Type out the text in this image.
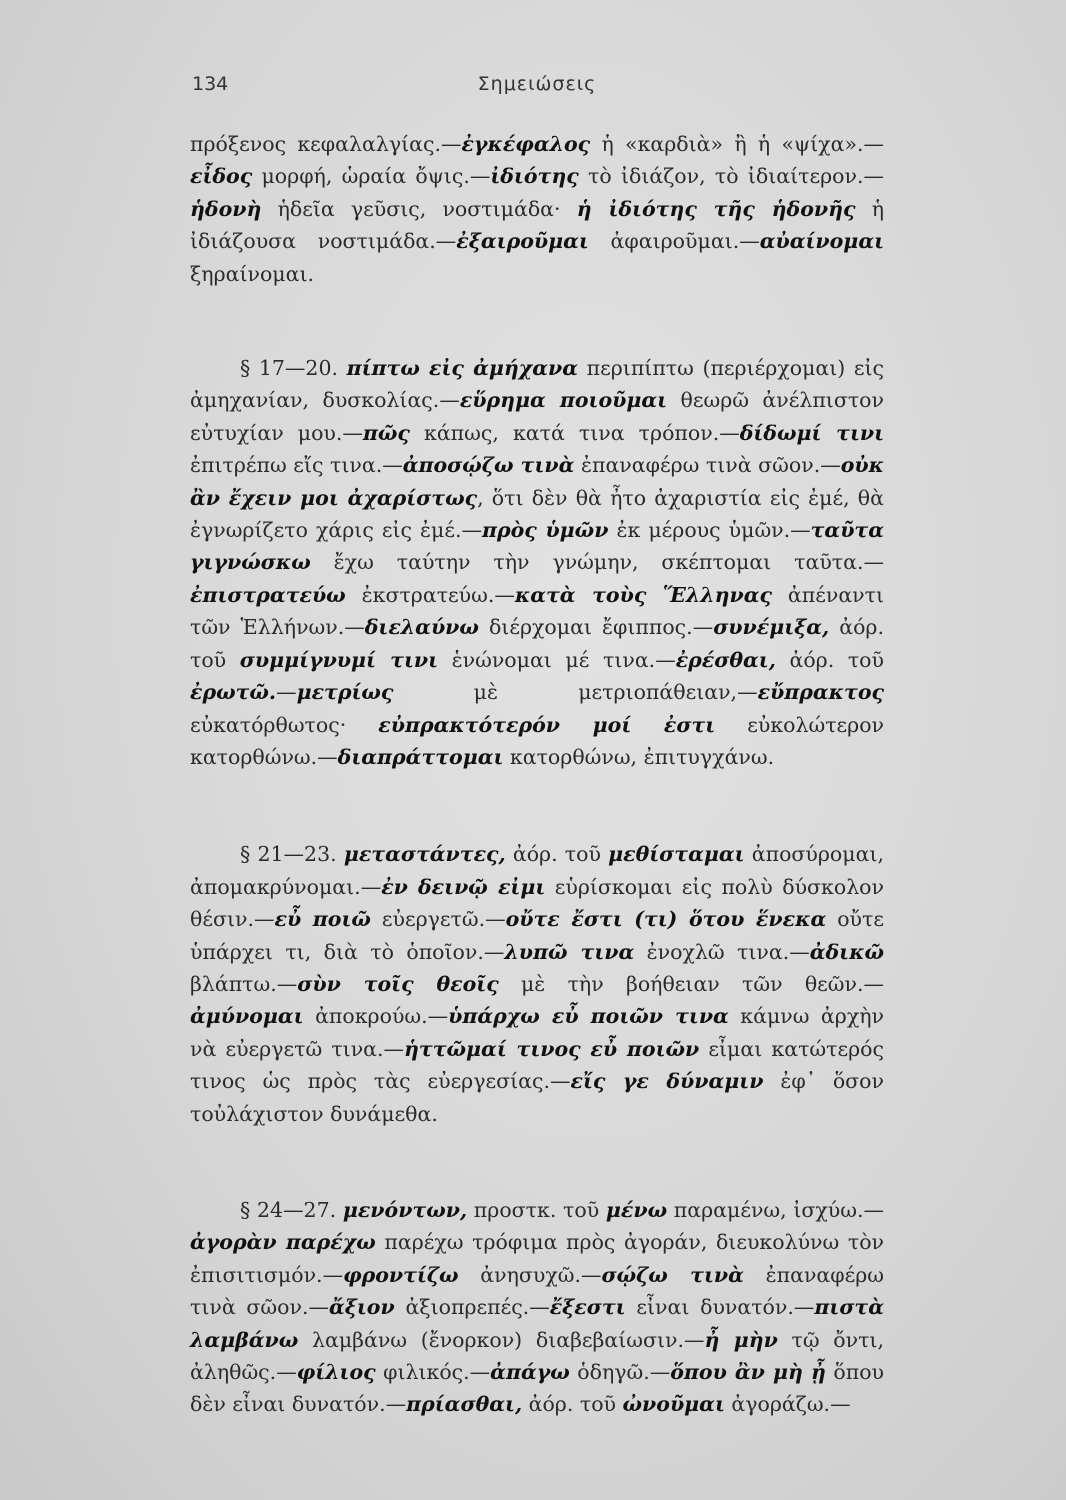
134	Σημειώσεις

πρόξενος κεφαλαλγίας.—ἐγκέφαλος ἡ «καρδιὰ» ἢ ἡ «ψίχα».—εἶδος μορφή, ὡραία ὄψις.—ἰδιότης τὸ ἰδιάζον, τὸ ἰδιαίτερον.—ἡδονὴ ἡδεῖα γεῦσις, νοστιμάδα· ἡ ἰδιότης τῆς ἡδονῆς ἡ ἰδιάζουσα νοστιμάδα.—ἐξαιροῦμαι ἀφαιροῦμαι.—αὐαίνομαι ξηραίνομαι.

§ 17—20. πίπτω εἰς ἀμήχανα περιπίπτω (περιέρχομαι) εἰς ἀμηχανίαν, δυσκολίας.—εὕρημα ποιοῦμαι θεωρῶ ἀνέλπιστον εὐτυχίαν μου.—πῶς κάπως, κατά τινα τρόπον.—δίδωμί τινι ἐπιτρέπω εἴς τινα.—ἀποσῴζω τινὰ ἐπαναφέρω τινὰ σῶον.—οὐκ ἂν ἔχειν μοι ἀχαρίστως, ὅτι δὲν θὰ ἦτο ἀχαριστία εἰς ἐμέ, θὰ ἐγνωρίζετο χάρις εἰς ἐμέ.—πρὸς ὑμῶν ἐκ μέρους ὑμῶν.—ταῦτα γιγνώσκω ἔχω ταύτην τὴν γνώμην, σκέπτομαι ταῦτα.—ἐπιστρατεύω ἐκστρατεύω.—κατὰ τοὺς Ἕλληνας ἀπέναντι τῶν Ἑλλήνων.—διελαύνω διέρχομαι ἔφιππος.—συνέμιξα, ἀόρ. τοῦ συμμίγνυμί τινι ἑνώνομαι μέ τινα.—ἐρέσθαι, ἀόρ. τοῦ ἐρωτῶ.—μετρίως μὲ μετριοπάθειαν,—εὔπρακτος εὐκατόρθωτος· εὐπρακτότερόν μοί ἐστι εὐκολώτερον κατορθώνω.—διαπράττομαι κατορθώνω, ἐπιτυγχάνω.

§ 21—23. μεταστάντες, ἀόρ. τοῦ μεθίσταμαι ἀποσύρομαι, ἀπομακρύνομαι.—ἐν δεινῷ εἰμι εὑρίσκομαι εἰς πολὺ δύσκολον θέσιν.—εὖ ποιῶ εὐεργετῶ.—οὔτε ἔστι (τι) ὅτου ἕνεκα οὔτε ὑπάρχει τι, διὰ τὸ ὁποῖον.—λυπῶ τινα ἐνοχλῶ τινα.—ἀδικῶ βλάπτω.—σὺν τοῖς θεοῖς μὲ τὴν βοήθειαν τῶν θεῶν.—ἀμύνομαι ἀποκρούω.—ὑπάρχω εὖ ποιῶν τινα κάμνω ἀρχὴν νὰ εὐεργετῶ τινα.—ἡττῶμαί τινος εὖ ποιῶν εἶμαι κατώτερός τινος ὡς πρὸς τὰς εὐεργεσίας.—εἴς γε δύναμιν ἐφ᾿ ὅσον τοὐλάχιστον δυνάμεθα.

§ 24—27. μενόντων, προστκ. τοῦ μένω παραμένω, ἰσχύω.—ἀγορὰν παρέχω παρέχω τρόφιμα πρὸς ἀγοράν, διευκολύνω τὸν ἐπισιτισμόν.—φροντίζω ἀνησυχῶ.—σῴζω τινὰ ἐπαναφέρω τινὰ σῶον.—ἄξιον ἀξιοπρεπές.—ἔξεστι εἶναι δυνατόν.—πιστὰ λαμβάνω λαμβάνω (ἔνορκον) διαβεβαίωσιν.—ἦ μὴν τῷ ὄντι, ἀληθῶς.—φίλιος φιλικός.—ἀπάγω ὁδηγῶ.—ὅπου ἂν μὴ ᾖ ὅπου δὲν εἶναι δυνατόν.—πρίασθαι, ἀόρ. τοῦ ὠνοῦμαι ἀγοράζω.—
